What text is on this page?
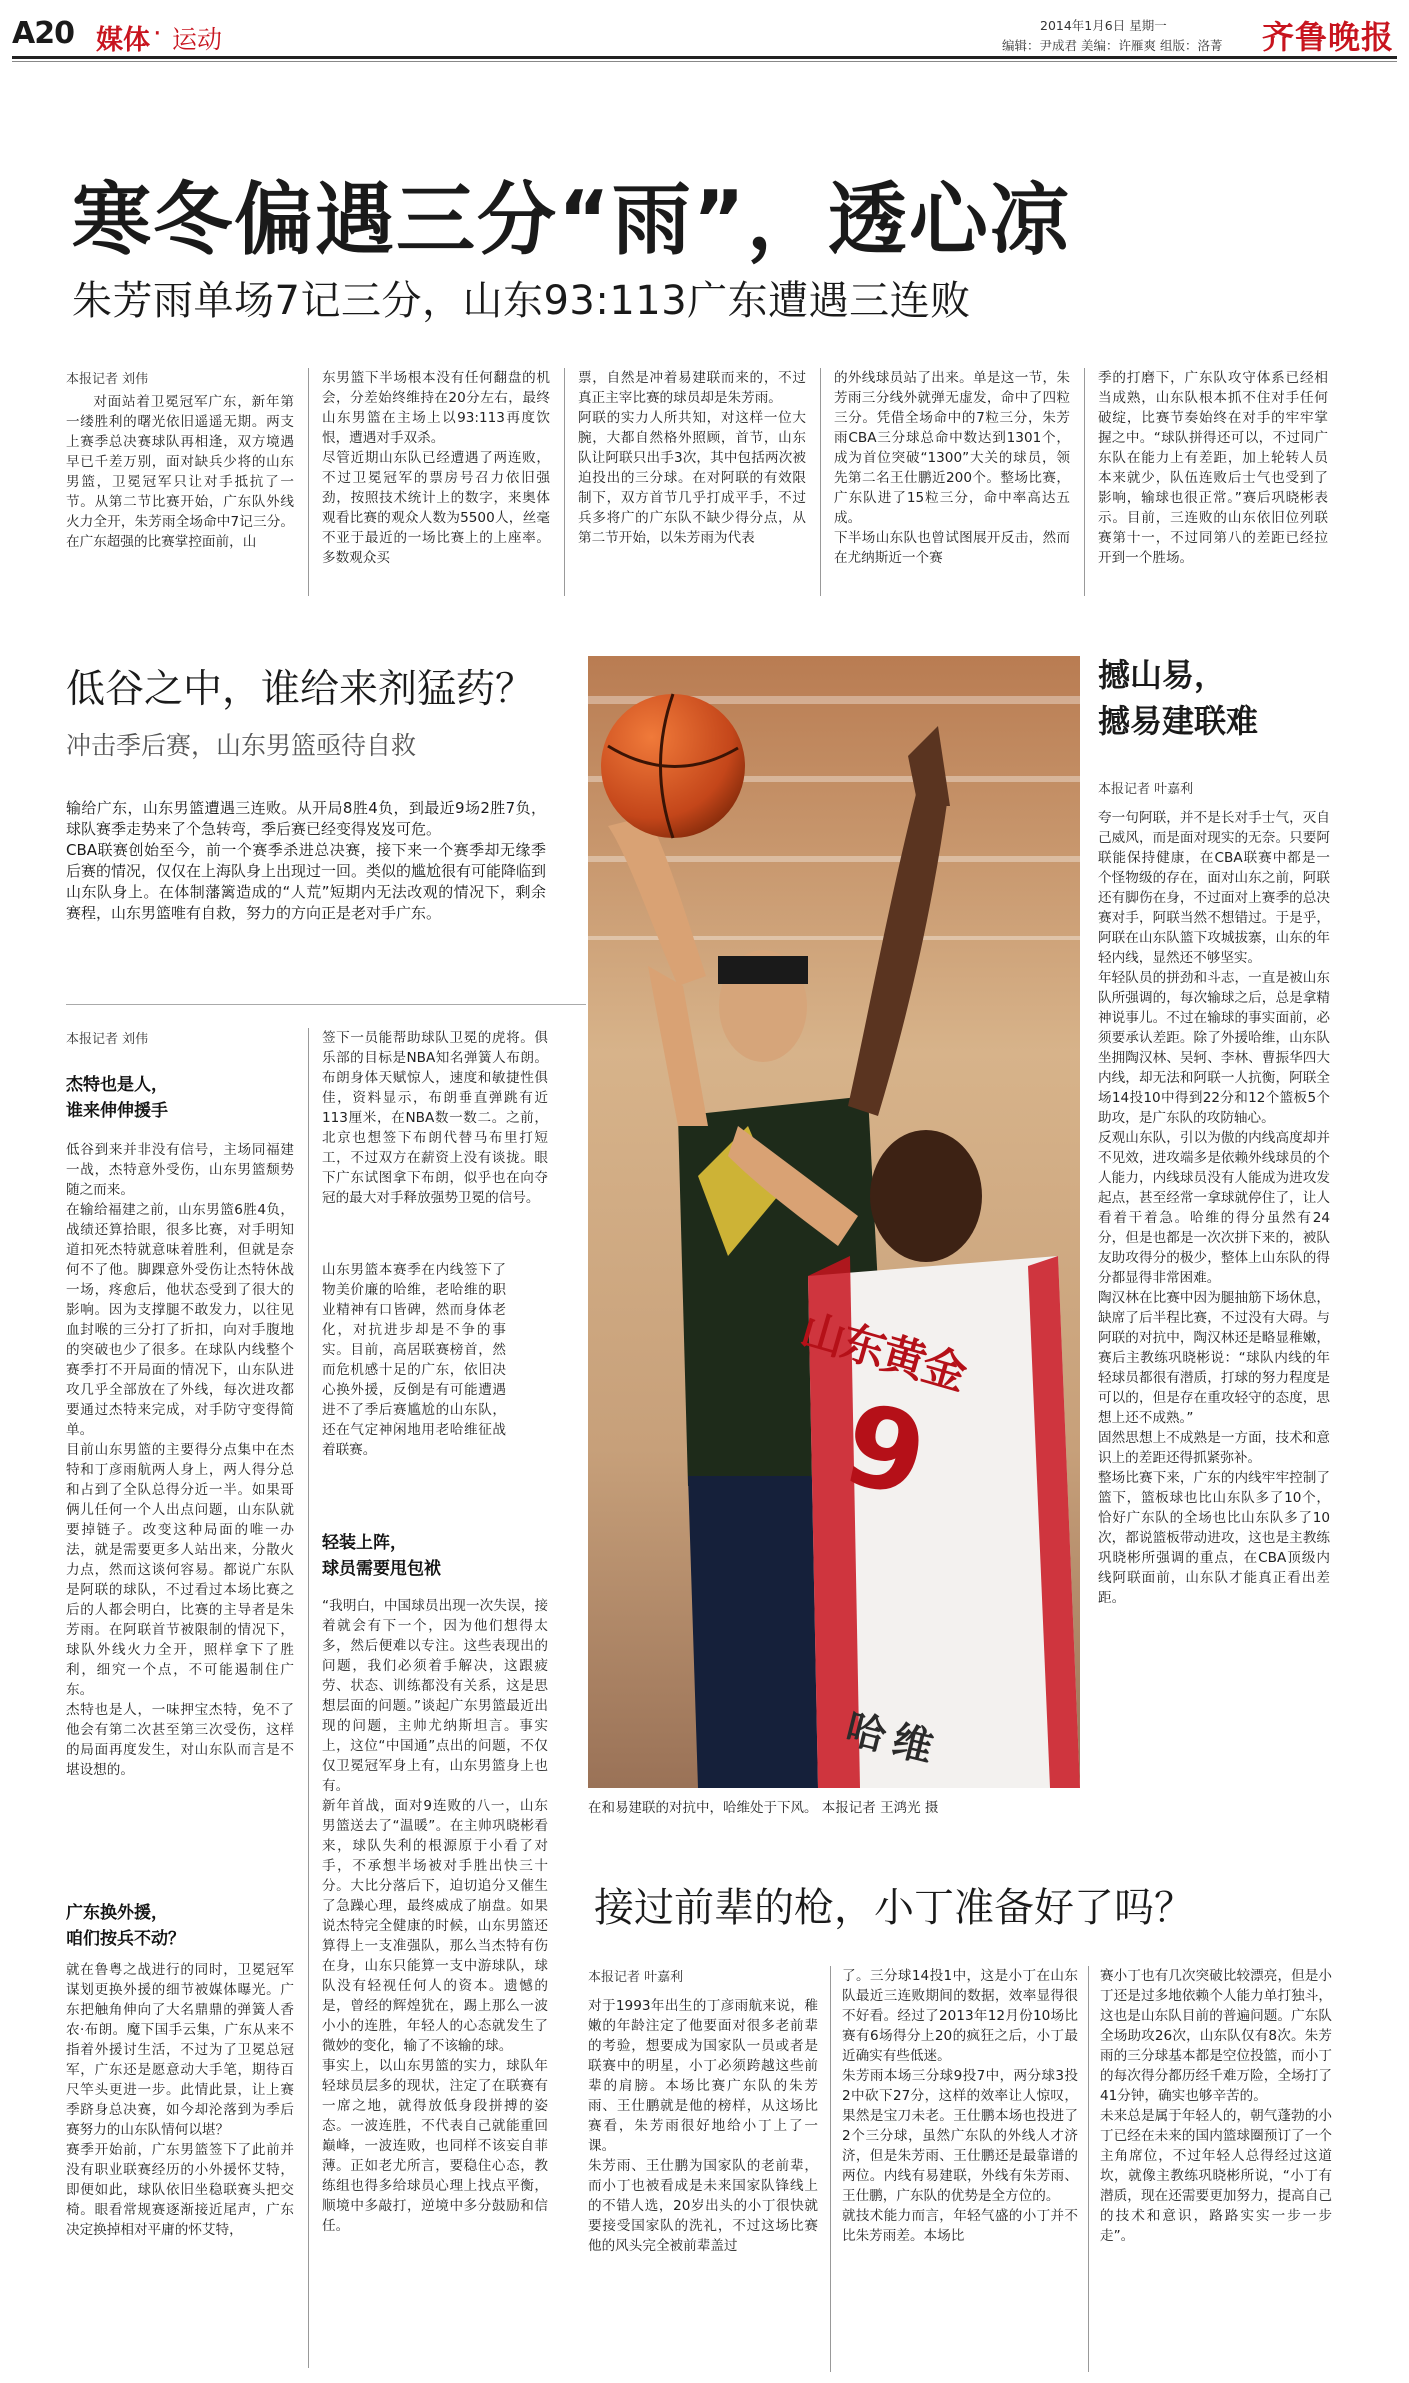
A20 媒体 · 运动	2014年1月6日 星期一
编辑：尹成君 美编：许雁爽 组版：洛菁 齐鲁晚报
寒冬偏遇三分“雨”，透心凉
朱芳雨单场7记三分，山东93:113广东遭遇三连败
本报记者 刘伟

对面站着卫冕冠军广东，新年第一缕胜利的曙光依旧遥遥无期。两支上赛季总决赛球队再相逢，双方境遇早已千差万别，面对缺兵少将的山东男篮，卫冕冠军只让对手抵抗了一节。从第二节比赛开始，广东队外线火力全开，朱芳雨全场命中7记三分。在广东超强的比赛掌控面前，山

东男篮下半场根本没有任何翻盘的机会，分差始终维持在20分左右，最终山东男篮在主场上以93:113再度饮恨，遭遇对手双杀。
尽管近期山东队已经遭遇了两连败，不过卫冕冠军的票房号召力依旧强劲，按照技术统计上的数字，来奥体观看比赛的观众人数为5500人，丝毫不亚于最近的一场比赛上的上座率。多数观众买
票，自然是冲着易建联而来的，不过真正主宰比赛的球员却是朱芳雨。
阿联的实力人所共知，对这样一位大腕，大都自然格外照顾，首节，山东队让阿联只出手3次，其中包括两次被迫投出的三分球。在对阿联的有效限制下，双方首节几乎打成平手，不过兵多将广的广东队不缺少得分点，从第二节开始，以朱芳雨为代表
的外线球员站了出来。单是这一节，朱芳雨三分线外就弹无虚发，命中了四粒三分。凭借全场命中的7粒三分，朱芳雨CBA三分球总命中数达到1301个，成为首位突破“1300”大关的球员，领先第二名王仕鹏近200个。整场比赛，广东队进了15粒三分，命中率高达五成。
下半场山东队也曾试图展开反击，然而在尤纳斯近一个赛
季的打磨下，广东队攻守体系已经相当成熟，山东队根本抓不住对手任何破绽，比赛节奏始终在对手的牢牢掌握之中。“球队拼得还可以，不过同广东队在能力上有差距，加上轮转人员本来就少，队伍连败后士气也受到了影响，输球也很正常。”赛后巩晓彬表示。目前，三连败的山东依旧位列联赛第十一，不过同第八的差距已经拉开到一个胜场。
低谷之中，谁给来剂猛药？
冲击季后赛，山东男篮亟待自救
输给广东，山东男篮遭遇三连败。从开局8胜4负，到最近9场2胜7负，球队赛季走势来了个急转弯，季后赛已经变得岌岌可危。
CBA联赛创始至今，前一个赛季杀进总决赛，接下来一个赛季却无缘季后赛的情况，仅仅在上海队身上出现过一回。类似的尴尬很有可能降临到山东队身上。在体制藩篱造成的“人荒”短期内无法改观的情况下，剩余赛程，山东男篮唯有自救，努力的方向正是老对手广东。
本报记者 刘伟
杰特也是人，
谁来伸伸援手
低谷到来并非没有信号，主场同福建一战，杰特意外受伤，山东男篮颓势随之而来。
在输给福建之前，山东男篮6胜4负，战绩还算拾眼，很多比赛，对手明知道扣死杰特就意味着胜利，但就是奈何不了他。脚踝意外受伤让杰特休战一场，疼愈后，他状态受到了很大的影响。因为支撑腿不敢发力，以往见血封喉的三分打了折扣，向对手腹地的突破也少了很多。在球队内线整个赛季打不开局面的情况下，山东队进攻几乎全部放在了外线，每次进攻都要通过杰特来完成，对手防守变得简单。
目前山东男篮的主要得分点集中在杰特和丁彦雨航两人身上，两人得分总和占到了全队总得分近一半。如果哥俩儿任何一个人出点问题，山东队就要掉链子。改变这种局面的唯一办法，就是需要更多人站出来，分散火力点，然而这谈何容易。都说广东队是阿联的球队，不过看过本场比赛之后的人都会明白，比赛的主导者是朱芳雨。在阿联首节被限制的情况下，球队外线火力全开，照样拿下了胜利，细究一个点，不可能遏制住广东。
杰特也是人，一味押宝杰特，免不了他会有第二次甚至第三次受伤，这样的局面再度发生，对山东队而言是不堪设想的。
广东换外援，
咱们按兵不动？
就在鲁粤之战进行的同时，卫冕冠军谋划更换外援的细节被媒体曝光。广东把触角伸向了大名鼎鼎的弹簧人香农·布朗。魔下国手云集，广东从来不指着外援讨生活，不过为了卫冕总冠军，广东还是愿意动大手笔，期待百尺竿头更进一步。此情此景，让上赛季跻身总决赛，如今却沦落到为季后赛努力的山东队情何以堪？
赛季开始前，广东男篮签下了此前并没有职业联赛经历的小外援怀艾特，即便如此，球队依旧坐稳联赛头把交椅。眼看常规赛逐渐接近尾声，广东决定换掉相对平庸的怀艾特，
签下一员能帮助球队卫冕的虎将。俱乐部的目标是NBA知名弹簧人布朗。布朗身体天赋惊人，速度和敏捷性俱佳，资料显示，布朗垂直弹跳有近113厘米，在NBA数一数二。之前，北京也想签下布朗代替马布里打短工，不过双方在薪资上没有谈拢。眼下广东试图拿下布朗，似乎也在向夺冠的最大对手释放强势卫冕的信号。
山东男篮本赛季在内线签下了物美价廉的哈维，老哈维的职业精神有口皆碑，然而身体老化，对抗进步却是不争的事实。目前，高居联赛榜首，然而危机感十足的广东，依旧决心换外援，反倒是有可能遭遇进不了季后赛尴尬的山东队，还在气定神闲地用老哈维征战着联赛。
轻装上阵，
球员需要甩包袱
“我明白，中国球员出现一次失误，接着就会有下一个，因为他们想得太多，然后便难以专注。这些表现出的问题，我们必须着手解决，这跟疲劳、状态、训练都没有关系，这是思想层面的问题。”谈起广东男篮最近出现的问题，主帅尤纳斯坦言。事实上，这位“中国通”点出的问题，不仅仅卫冕冠军身上有，山东男篮身上也有。
新年首战，面对9连败的八一，山东男篮送去了“温暖”。在主帅巩晓彬看来，球队失利的根源原于小看了对手，不承想半场被对手胜出快三十分。大比分落后下，迫切追分又催生了急躁心理，最终威成了崩盘。如果说杰特完全健康的时候，山东男篮还算得上一支准强队，那么当杰特有伤在身，山东只能算一支中游球队，球队没有轻视任何人的资本。遗憾的是，曾经的辉煌犹在，踢上那么一波小小的连胜，年轻人的心态就发生了微妙的变化，输了不该输的球。
事实上，以山东男篮的实力，球队年轻球员层多的现状，注定了在联赛有一席之地，就得放低身段拼搏的姿态。一波连胜，不代表自己就能重回巅峰，一波连败，也同样不该妄自菲薄。正如老尤所言，要稳住心态，教练组也得多给球员心理上找点平衡，顺境中多敲打，逆境中多分鼓励和信任。
山东黄金
9
哈维
在和易建联的对抗中，哈维处于下风。 本报记者 王鸿光 摄
撼山易，
撼易建联难
本报记者 叶嘉利
夸一句阿联，并不是长对手士气，灭自己威风，而是面对现实的无奈。只要阿联能保持健康，在CBA联赛中都是一个怪物级的存在，面对山东之前，阿联还有脚伤在身，不过面对上赛季的总决赛对手，阿联当然不想错过。于是乎，阿联在山东队篮下攻城拔寨，山东的年轻内线，显然还不够坚实。
年轻队员的拼劲和斗志，一直是被山东队所强调的，每次输球之后，总是拿精神说事儿。不过在输球的事实面前，必须要承认差距。除了外援哈维，山东队坐拥陶汉林、吴轲、李林、曹振华四大内线，却无法和阿联一人抗衡，阿联全场14投10中得到22分和12个篮板5个助攻，是广东队的攻防轴心。
反观山东队，引以为傲的内线高度却并不见效，进攻端多是依赖外线球员的个人能力，内线球员没有人能成为进攻发起点，甚至经常一拿球就停住了，让人看着干着急。哈维的得分虽然有24分，但是也都是一次次拼下来的，被队友助攻得分的极少，整体上山东队的得分都显得非常困难。
陶汉林在比赛中因为腿抽筋下场休息，缺席了后半程比赛，不过没有大碍。与阿联的对抗中，陶汉林还是略显稚嫩，赛后主教练巩晓彬说：“球队内线的年轻球员都很有潜质，打球的努力程度是可以的，但是存在重攻轻守的态度，思想上还不成熟。”
固然思想上不成熟是一方面，技术和意识上的差距还得抓紧弥补。
整场比赛下来，广东的内线牢牢控制了篮下，篮板球也比山东队多了10个，恰好广东队的全场也比山东队多了10次，都说篮板带动进攻，这也是主教练巩晓彬所强调的重点，在CBA顶级内线阿联面前，山东队才能真正看出差距。
接过前辈的枪，小丁准备好了吗？
本报记者 叶嘉利
对于1993年出生的丁彦雨航来说，稚嫩的年龄注定了他要面对很多老前辈的考验，想要成为国家队一员或者是联赛中的明星，小丁必须跨越这些前辈的肩膀。本场比赛广东队的朱芳雨、王仕鹏就是他的榜样，从这场比赛看，朱芳雨很好地给小丁上了一课。
朱芳雨、王仕鹏为国家队的老前辈，而小丁也被看成是未来国家队锋线上的不错人选，20岁出头的小丁很快就要接受国家队的洗礼，不过这场比赛他的风头完全被前辈盖过
了。三分球14投1中，这是小丁在山东队最近三连败期间的数据，效率显得很不好看。经过了2013年12月份10场比赛有6场得分上20的疯狂之后，小丁最近确实有些低迷。
朱芳雨本场三分球9投7中，两分球3投2中砍下27分，这样的效率让人惊叹，果然是宝刀未老。王仕鹏本场也投进了2个三分球，虽然广东队的外线人才济济，但是朱芳雨、王仕鹏还是最靠谱的两位。内线有易建联，外线有朱芳雨、王仕鹏，广东队的优势是全方位的。
就技术能力而言，年轻气盛的小丁并不比朱芳雨差。本场比
赛小丁也有几次突破比较漂亮，但是小丁还是过多地依赖个人能力单打独斗，这也是山东队目前的普遍问题。广东队全场助攻26次，山东队仅有8次。朱芳雨的三分球基本都是空位投篮，而小丁的每次得分都历经千难万险，全场打了41分钟，确实也够辛苦的。
未来总是属于年轻人的，朝气蓬勃的小丁已经在未来的国内篮球圈预订了一个主角席位，不过年轻人总得经过这道坎，就像主教练巩晓彬所说，“小丁有潜质，现在还需要更加努力，提高自己的技术和意识，路路实实一步一步走”。
